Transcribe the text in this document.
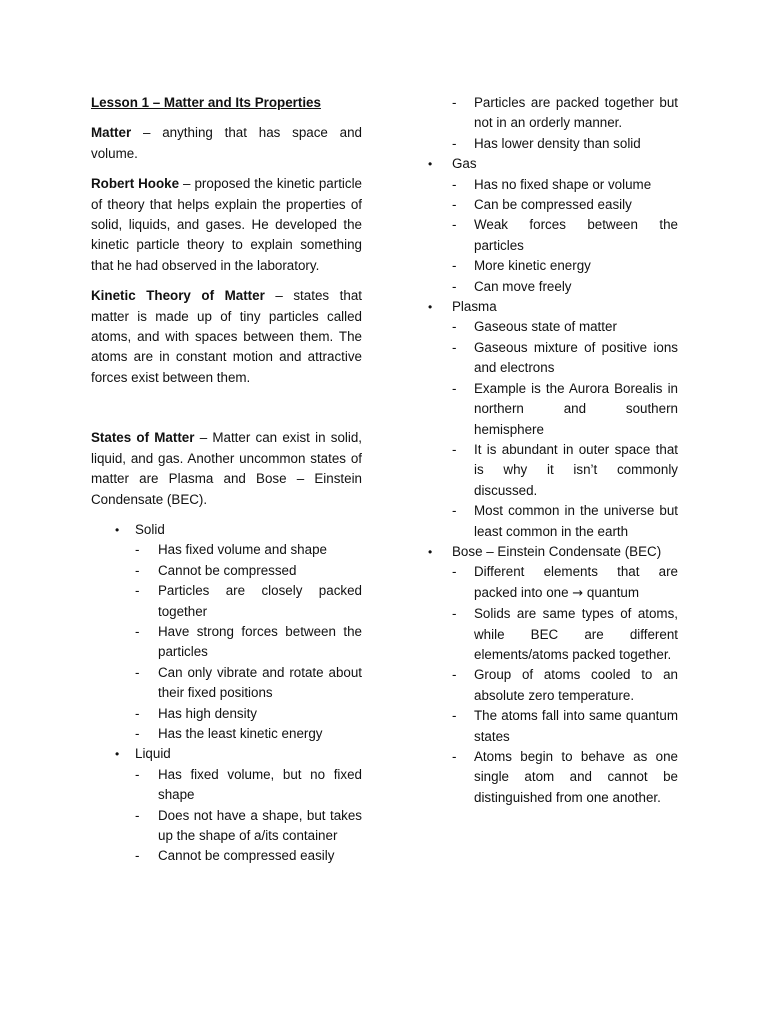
Lesson 1 – Matter and Its Properties

Matter – anything that has space and volume.

Robert Hooke – proposed the kinetic particle of theory that helps explain the properties of solid, liquids, and gases. He developed the kinetic particle theory to explain something that he had observed in the laboratory.

Kinetic Theory of Matter – states that matter is made up of tiny particles called atoms, and with spaces between them. The atoms are in constant motion and attractive forces exist between them.

States of Matter – Matter can exist in solid, liquid, and gas. Another uncommon states of matter are Plasma and Bose – Einstein Condensate (BEC).

• Solid
- Has fixed volume and shape
- Cannot be compressed
- Particles are closely packed together
- Have strong forces between the particles
- Can only vibrate and rotate about their fixed positions
- Has high density
- Has the least kinetic energy
• Liquid
- Has fixed volume, but no fixed shape
- Does not have a shape, but takes up the shape of a/its container
- Cannot be compressed easily
- Particles are packed together but not in an orderly manner.
- Has lower density than solid
• Gas
- Has no fixed shape or volume
- Can be compressed easily
- Weak forces between the particles
- More kinetic energy
- Can move freely
• Plasma
- Gaseous state of matter
- Gaseous mixture of positive ions and electrons
- Example is the Aurora Borealis in northern and southern hemisphere
- It is abundant in outer space that is why it isn’t commonly discussed.
- Most common in the universe but least common in the earth
• Bose – Einstein Condensate (BEC)
- Different elements that are packed into one → quantum
- Solids are same types of atoms, while BEC are different elements/atoms packed together.
- Group of atoms cooled to an absolute zero temperature.
- The atoms fall into same quantum states
- Atoms begin to behave as one single atom and cannot be distinguished from one another.
